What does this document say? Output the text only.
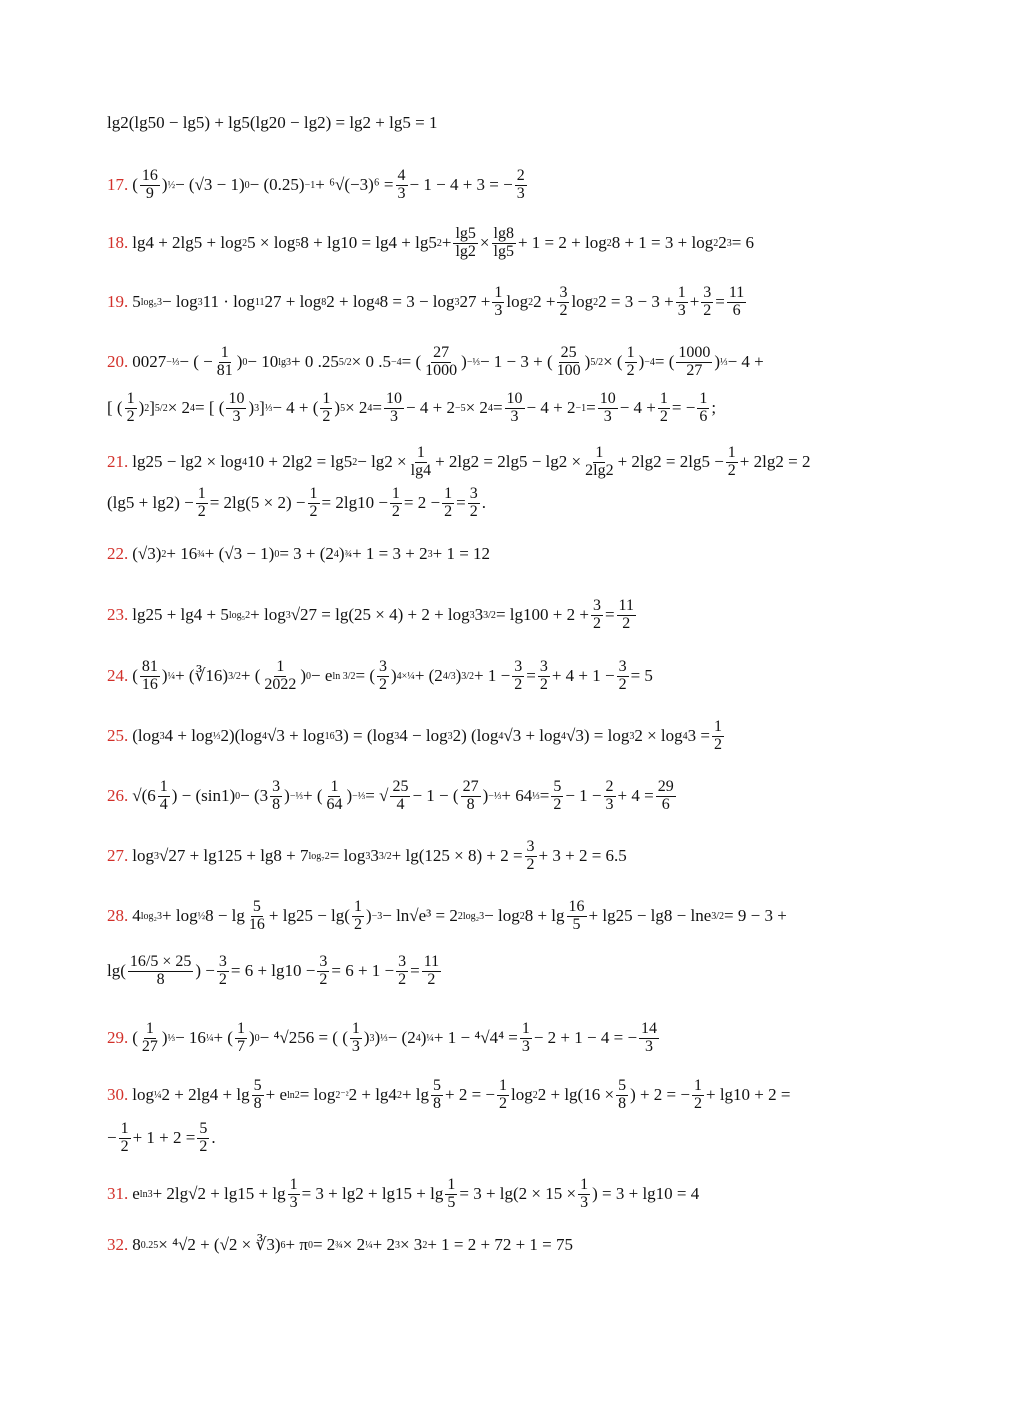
lg2(lg50 − lg5) + lg5(lg20 − lg2) = lg2 + lg5 = 1
17. ( $\frac{16}{9}$ ) ½ − (√3 − 1) $0 - (0.25) -1 + ^6√(-3)^6 = \frac{4}{3} - 1 - 4 + 3$ = − $\frac{2}{3}$
18. lg4 + 2lg5 + log 2 5 × log 5 8 + lg10 = lg4 + lg5 $2 + \frac{\lg 5}{\lg 2} \times \frac{\lg 8}{\lg 5} + 1 = 2 + \log 2$ 8 + 1 = 3 + log 2 2 3 = 6
19. 5 log₅3 − log 3 11 · log 11 27 + log 8 2 + log 4 8 = 3 − log 3 $27 + \frac{1}{3}$ log 2 $2 + \frac{3}{2}$ log 2 $2 = 3 - 3 + \frac{1}{3} + \frac{3}{2} = \frac{11}{6}$
20. 0027 −⅓ − ( − $\frac{1}{81}$ ) 0 − 10 lg3 + 0 .25 5/2 × 0 .5 −4 = ( $\frac{27}{1000}$ ) −⅓ − 1 − 3 + ( $\frac{25}{100}$ ) 5/2 × ( $\frac{1}{2}$ ) −4 = ( $\frac{1000}{27}$ ) ⅓ − 4 +
[ ( $\frac{1}{2}$ ) 2 ] 5/2 × 2 4 = [ ( $\frac{10}{3}$ ) 3 ] ⅓ − 4 + ( $\frac{1}{2}$ ) 5 × 2 $4 = \frac{10}{3} - 4 + 2 -5 \times 2$ $4 = \frac{10}{3} - 4 + 2 -1 = \frac{10}{3} - 4 + \frac{1}{2}$ = − $\frac{1}{6}$ ;
21. lg25 − lg2 × log 4 10 + 2lg2 = lg5 $2 - \lg 2 \times \frac{1}{\lg 4} + 2\lg 2 = 2\lg 5 - \lg 2 \times \frac{1}{2\lg 2} + 2\lg 2 = 2\lg 5 - \frac{1}{2} + 2\lg 2 = 2$
$(\lg 5 + \lg 2) - \frac{1}{2} = 2\lg(5 \times 2) - \frac{1}{2} = 2\lg 10 - \frac{1}{2} = 2 - \frac{1}{2} = \frac{3}{2}$ .
22. (√3) 2 + 16 ¾ + (√3 − 1) 0 = 3 + (2 4 ) ¾ + 1 = 3 + 2 3 + 1 = 12
23. lg25 + lg4 + 5 log₅2 + log 3 √27 = lg(25 × 4) + 2 + log 3 3 $3/2 = \lg 100 + 2 + \frac{3}{2} = \frac{11}{2}$
24. ( $\frac{81}{16}$ ) ¼ + (∛16) 3/2 + ( $\frac{1}{2022}$ ) 0 − e ln 3/2 = ( $\frac{3}{2}$ ) 4×¼ + (2 4/3 ) $3/2 + 1 - \frac{3}{2} = \frac{3}{2} + 4 + 1 - \frac{3}{2} = 5$
25. (log 3 4 + log ⅓ 2)(log 4 √3 + log 16 3) = (log 3 4 − log 3 2) (log 4 √3 + log 4 √3) = log 3 2 × log 4 $3 = \frac{1}{2}$
26. $√(6 \frac{1}{4}$ ) − (sin1) $0 - (3 \frac{3}{8}$ ) −⅓ + ( $\frac{1}{64}$ ) −⅓ = √ $\frac{25}{4} - 1$ − ( $\frac{27}{8}$ ) −⅓ + 64 ⅓ = $\frac{5}{2} - 1 - \frac{2}{3} + 4 = \frac{29}{6}$
27. log 3 √27 + lg125 + lg8 + 7 log₇2 = log 3 3 $3/2 + \lg(125 \times 8) + 2 = \frac{3}{2} + 3 + 2 = 6.5$
28. 4 log₂3 + log ½ $8 - \lg \frac{5}{16} + \lg 25 - \lg( \frac{1}{2}$ ) −3 − ln√e³ = 2 2log₂3 − log 2 $8 + \lg \frac{16}{5} + \lg 25 - \lg 8 - \ln e$ 3/2 = 9 − 3 +
$\lg( \frac{16/5 \times 25}{8}$ ) − $\frac{3}{2} = 6 + \lg 10 - \frac{3}{2} = 6 + 1 - \frac{3}{2} = \frac{11}{2}$
29. ( $\frac{1}{27}$ ) ⅓ − 16 ¼ + ( $\frac{1}{7}$ ) 0 − ⁴√256 = ( ( $\frac{1}{3}$ ) 3 ) ⅓ − (2 4 ) ¼ + $1 - ^4√4^4 = \frac{1}{3} - 2 + 1 - 4$ = − $\frac{14}{3}$
30. log ¼ $2 + 2\lg 4 + \lg \frac{5}{8} + e$ ln2 = log 2⁻² 2 + lg4 $2 + \lg \frac{5}{8} + 2$ = − $\frac{1}{2}$ log 2 $2 + \lg(16 \times \frac{5}{8}$ ) + 2 = − $\frac{1}{2} + \lg 10 + 2$ =
− $\frac{1}{2} + 1 + 2 = \frac{5}{2}$ .
31. e $\ln 3 + 2\lg√2 + \lg 15 + \lg \frac{1}{3} = 3 + \lg 2 + \lg 15 + \lg \frac{1}{5} = 3 + \lg(2 \times 15 \times \frac{1}{3}$ ) = 3 + lg10 = 4
32. 8 0.25 × ⁴√2 + (√2 × ∛3) 6 + π 0 = 2 ¾ × 2 ¼ + 2 3 × 3 2 + 1 = 2 + 72 + 1 = 75
